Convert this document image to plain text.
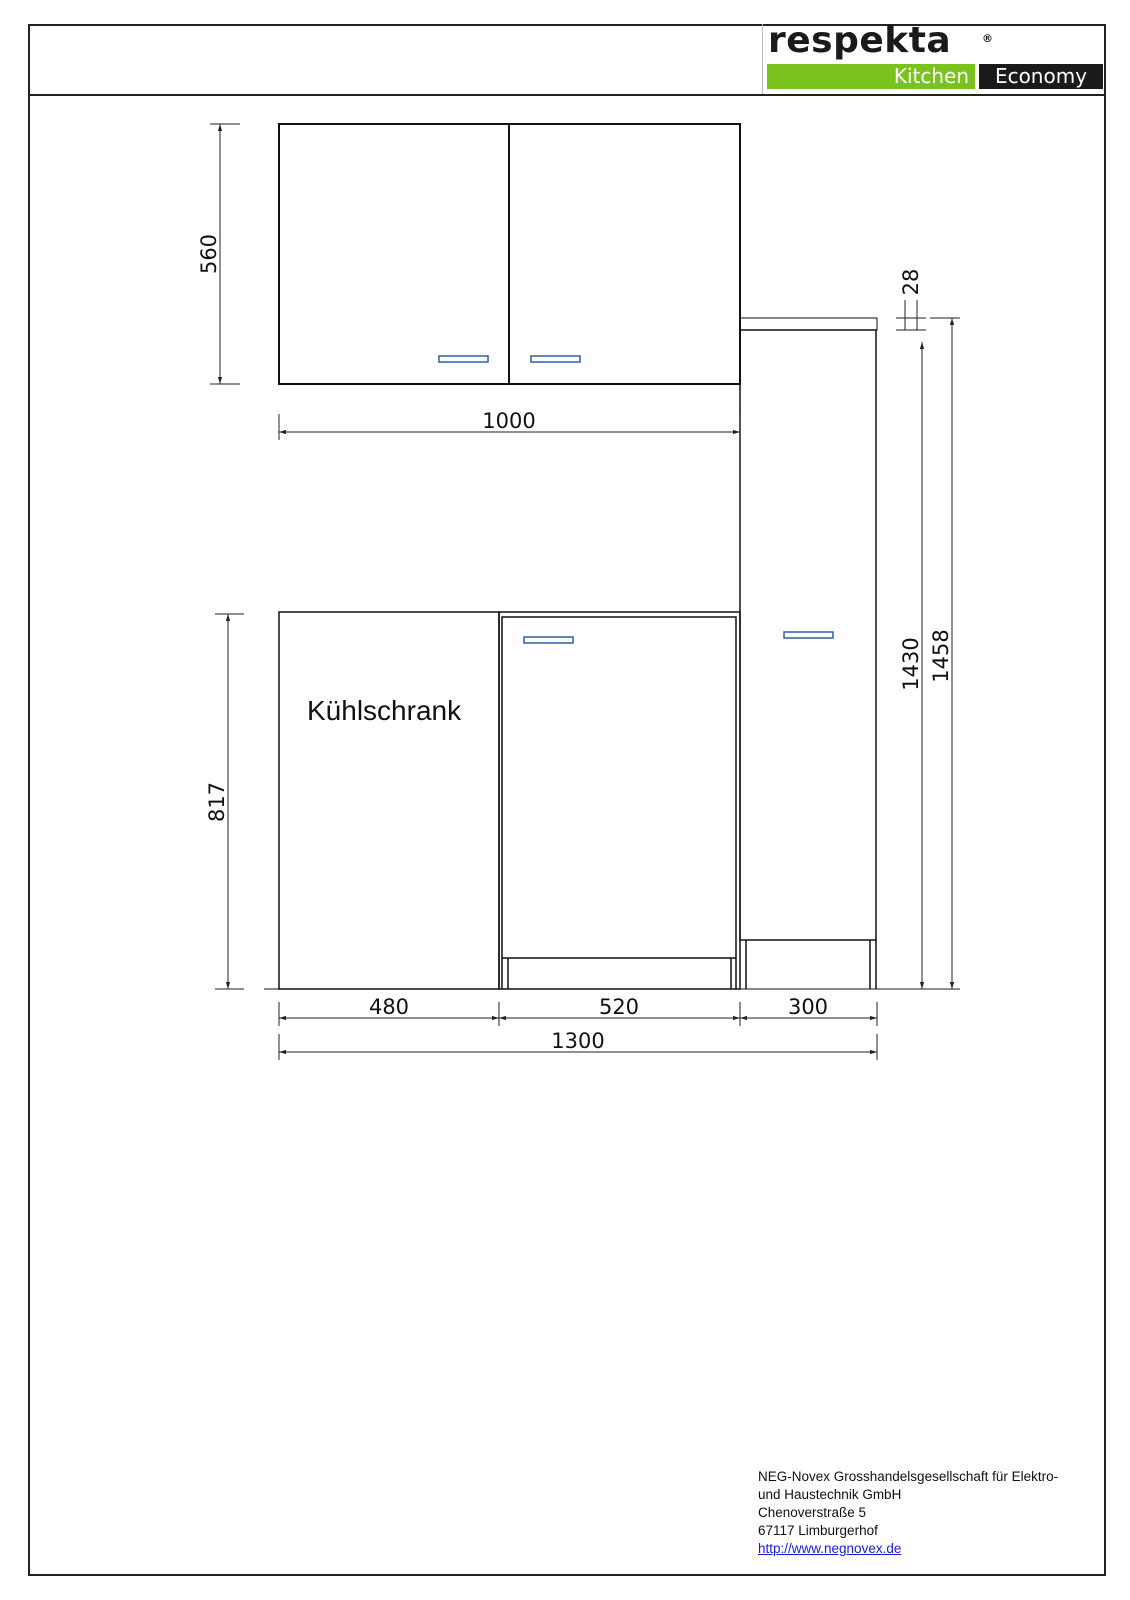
respekta	®
Kitchen	Economy
Kühlschrank
560
1000
817
28
1430 1458
480	520	300
1300
NEG-Novex Grosshandelsgesellschaft für Elektro-
und Haustechnik GmbH
Chenoverstraße 5
67117 Limburgerhof
http://www.negnovex.de
